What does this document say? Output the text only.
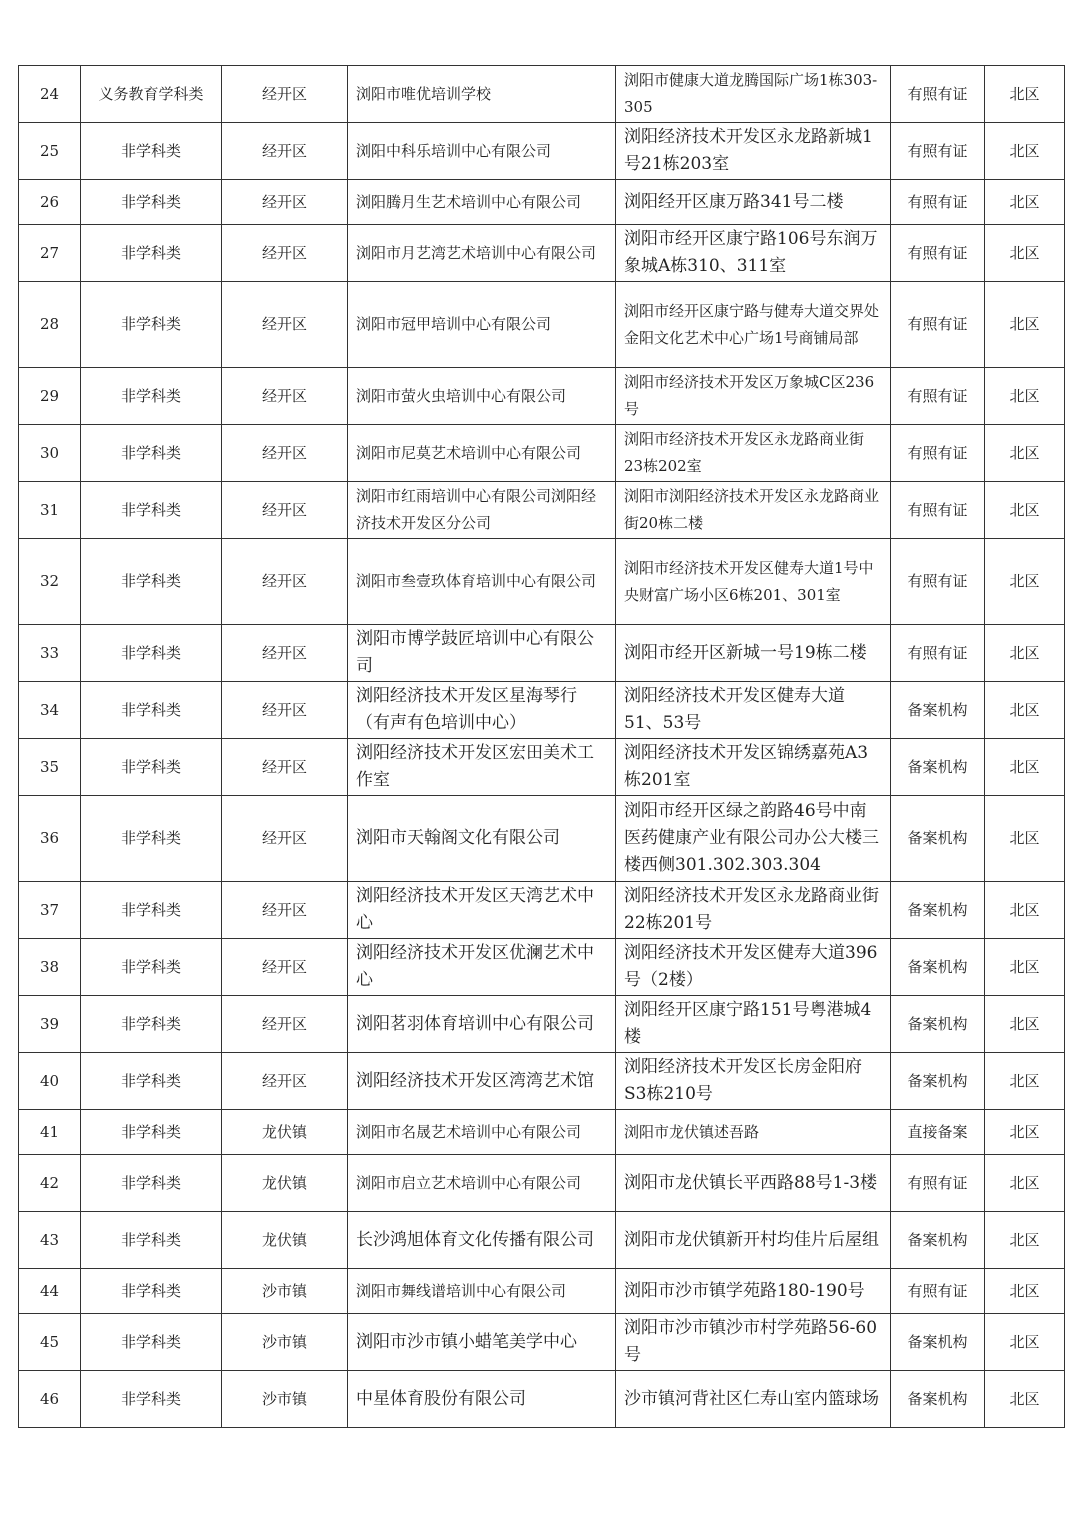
24	义务教育学科类	经开区	浏阳市唯优培训学校	浏阳市健康大道龙腾国际广场1栋303-305	有照有证	北区
25	非学科类	经开区	浏阳中科乐培训中心有限公司	浏阳经济技术开发区永龙路新城1号21栋203室	有照有证	北区
26	非学科类	经开区	浏阳腾月生艺术培训中心有限公司	浏阳经开区康万路341号二楼	有照有证	北区
27	非学科类	经开区	浏阳市月艺湾艺术培训中心有限公司	浏阳市经开区康宁路106号东润万象城A栋310、311室	有照有证	北区
28	非学科类	经开区	浏阳市冠甲培训中心有限公司	浏阳市经开区康宁路与健寿大道交界处金阳文化艺术中心广场1号商铺局部	有照有证	北区
29	非学科类	经开区	浏阳市萤火虫培训中心有限公司	浏阳市经济技术开发区万象城C区236号	有照有证	北区
30	非学科类	经开区	浏阳市尼莫艺术培训中心有限公司	浏阳市经济技术开发区永龙路商业街23栋202室	有照有证	北区
31	非学科类	经开区	浏阳市红雨培训中心有限公司浏阳经济技术开发区分公司	浏阳市浏阳经济技术开发区永龙路商业街20栋二楼	有照有证	北区
32	非学科类	经开区	浏阳市叁壹玖体育培训中心有限公司	浏阳市经济技术开发区健寿大道1号中央财富广场小区6栋201、301室	有照有证	北区
33	非学科类	经开区	浏阳市博学鼓匠培训中心有限公司	浏阳市经开区新城一号19栋二楼	有照有证	北区
34	非学科类	经开区	浏阳经济技术开发区星海琴行（有声有色培训中心）	浏阳经济技术开发区健寿大道51、53号	备案机构	北区
35	非学科类	经开区	浏阳经济技术开发区宏田美术工作室	浏阳经济技术开发区锦绣嘉苑A3栋201室	备案机构	北区
36	非学科类	经开区	浏阳市天翰阁文化有限公司	浏阳市经开区绿之韵路46号中南医药健康产业有限公司办公大楼三楼西侧301.302.303.304	备案机构	北区
37	非学科类	经开区	浏阳经济技术开发区天湾艺术中心	浏阳经济技术开发区永龙路商业街22栋201号	备案机构	北区
38	非学科类	经开区	浏阳经济技术开发区优澜艺术中心	浏阳经济技术开发区健寿大道396号（2楼）	备案机构	北区
39	非学科类	经开区	浏阳茗羽体育培训中心有限公司	浏阳经开区康宁路151号粤港城4楼	备案机构	北区
40	非学科类	经开区	浏阳经济技术开发区湾湾艺术馆	浏阳经济技术开发区长房金阳府S3栋210号	备案机构	北区
41	非学科类	龙伏镇	浏阳市名晟艺术培训中心有限公司	浏阳市龙伏镇述吾路	直接备案	北区
42	非学科类	龙伏镇	浏阳市启立艺术培训中心有限公司	浏阳市龙伏镇长平西路88号1-3楼	有照有证	北区
43	非学科类	龙伏镇	长沙鸿旭体育文化传播有限公司	浏阳市龙伏镇新开村均佳片后屋组	备案机构	北区
44	非学科类	沙市镇	浏阳市舞线谱培训中心有限公司	浏阳市沙市镇学苑路180-190号	有照有证	北区
45	非学科类	沙市镇	浏阳市沙市镇小蜡笔美学中心	浏阳市沙市镇沙市村学苑路56-60号	备案机构	北区
46	非学科类	沙市镇	中星体育股份有限公司	沙市镇河背社区仁寿山室内篮球场	备案机构	北区
